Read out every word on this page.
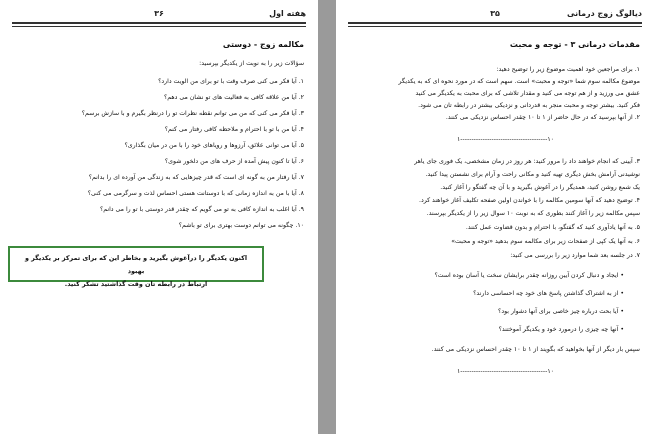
۳۶	هفته اول
مکالمه زوج - دوستی
سؤالات زیر را به نوبت از یکدیگر بپرسید:
۱. آیا فکر می کنی صرف وقت با تو برای من الویت دارد؟
۲. آیا من علاقه کافی به فعالیت های تو نشان می دهم؟
۳. آیا فکر می کنی که من می توانم نقطه نظرات تو را درنظر بگیرم و با سازش برسم؟
۴. آیا من با تو با احترام و ملاحظه کافی رفتار می کنم؟
۵. آیا می توانی علائق، آرزوها و رویاهای خود را با من در میان بگذاری؟
۶. آیا تا کنون پیش آمده از حرف های من دلخور شوی؟
۷. آیا رفتار من به گونه ای است که قدر چیزهایی که به زندگی من آورده ای را بدانم؟
۸. آیا با من به اندازه زمانی که با دوستانت هستی احساس لذت و سرگرمی می کنی؟
۹. آیا اغلب به اندازه کافی به تو می گویم که چقدر قدر دوستی با تو را می دانم؟
۱۰. چگونه می توانم دوست بهتری برای تو باشم؟
اکنون یکدیگر را درآغوش بگیرید و بخاطر این که برای تمرکز بر یکدیگر و بهبود
ارتباط در رابطه تان وقت گذاشتید تشکر کنید.
۳۵	دیالوگ زوج درمانی
مقدمات درمانی ۳ - توجه و محبت
۱. برای مراجعین خود اهمیت موضوع زیر را توضیح دهید:
موضوع مکالمه سوم شما «توجه و محبت» است. سهم است که در مورد نحوه ای که به یکدیگر
عشق می ورزید و از هم توجه می کنید و مقدار تلاشی که برای محبت به یکدیگر می کنید
فکر کنید. بیشتر توجه و محبت منجر به قدردانی و نزدیکی بیشتر در رابطه تان می شود.
۲. از آنها بپرسید که در حال حاضر از ۱ تا ۱۰ چقدر احساس نزدیکی می کنند.
۱---------------------------------------۱۰
۳. آیینی که انجام خواهند داد را مرور کنید: هر روز در زمان مشخصی، یک فوری جای یاهر
نوشیدنی آرامش بخش دیگری تهیه کنید و مکانی راحت و آرام برای نشستن پیدا کنید.
یک شمع روشن کنید، همدیگر را در آغوش بگیرید و با آن چه گفتگو را آغاز کنید.
۴. توضیح دهید که آنها سومین مکالمه را با خواندن اولین صفحه تکلیف آغاز خواهند کرد.
سپس مکالمه زیر را آغاز کنند بطوری که به نوبت ۱۰ سوال زیر را از یکدیگر بپرسند.
۵. به آنها یادآوری کنید که گفتگو، با احترام و بدون قضاوت عمل کنند.
۶. به آنها یک کپی از صفحات زیر برای مکالمه سوم بدهید «توجه و محبت»
۷. در جلسه بعد شما موارد زیر را بررسی می کنید:
• ایجاد و دنبال کردن آیین روزانه چقدر برایشان سخت یا آسان بوده است؟
• از به اشتراک گذاشتن پاسخ های خود چه احساسی دارند؟
• آیا بحث درباره چیز خاصی برای آنها دشوار بود؟
• آنها چه چیزی را درمورد خود و یکدیگر آموختند؟
سپس بار دیگر از آنها بخواهید که بگویند از ۱ تا ۱۰ چقدر احساس نزدیکی می کنند.
۱---------------------------------------۱۰
